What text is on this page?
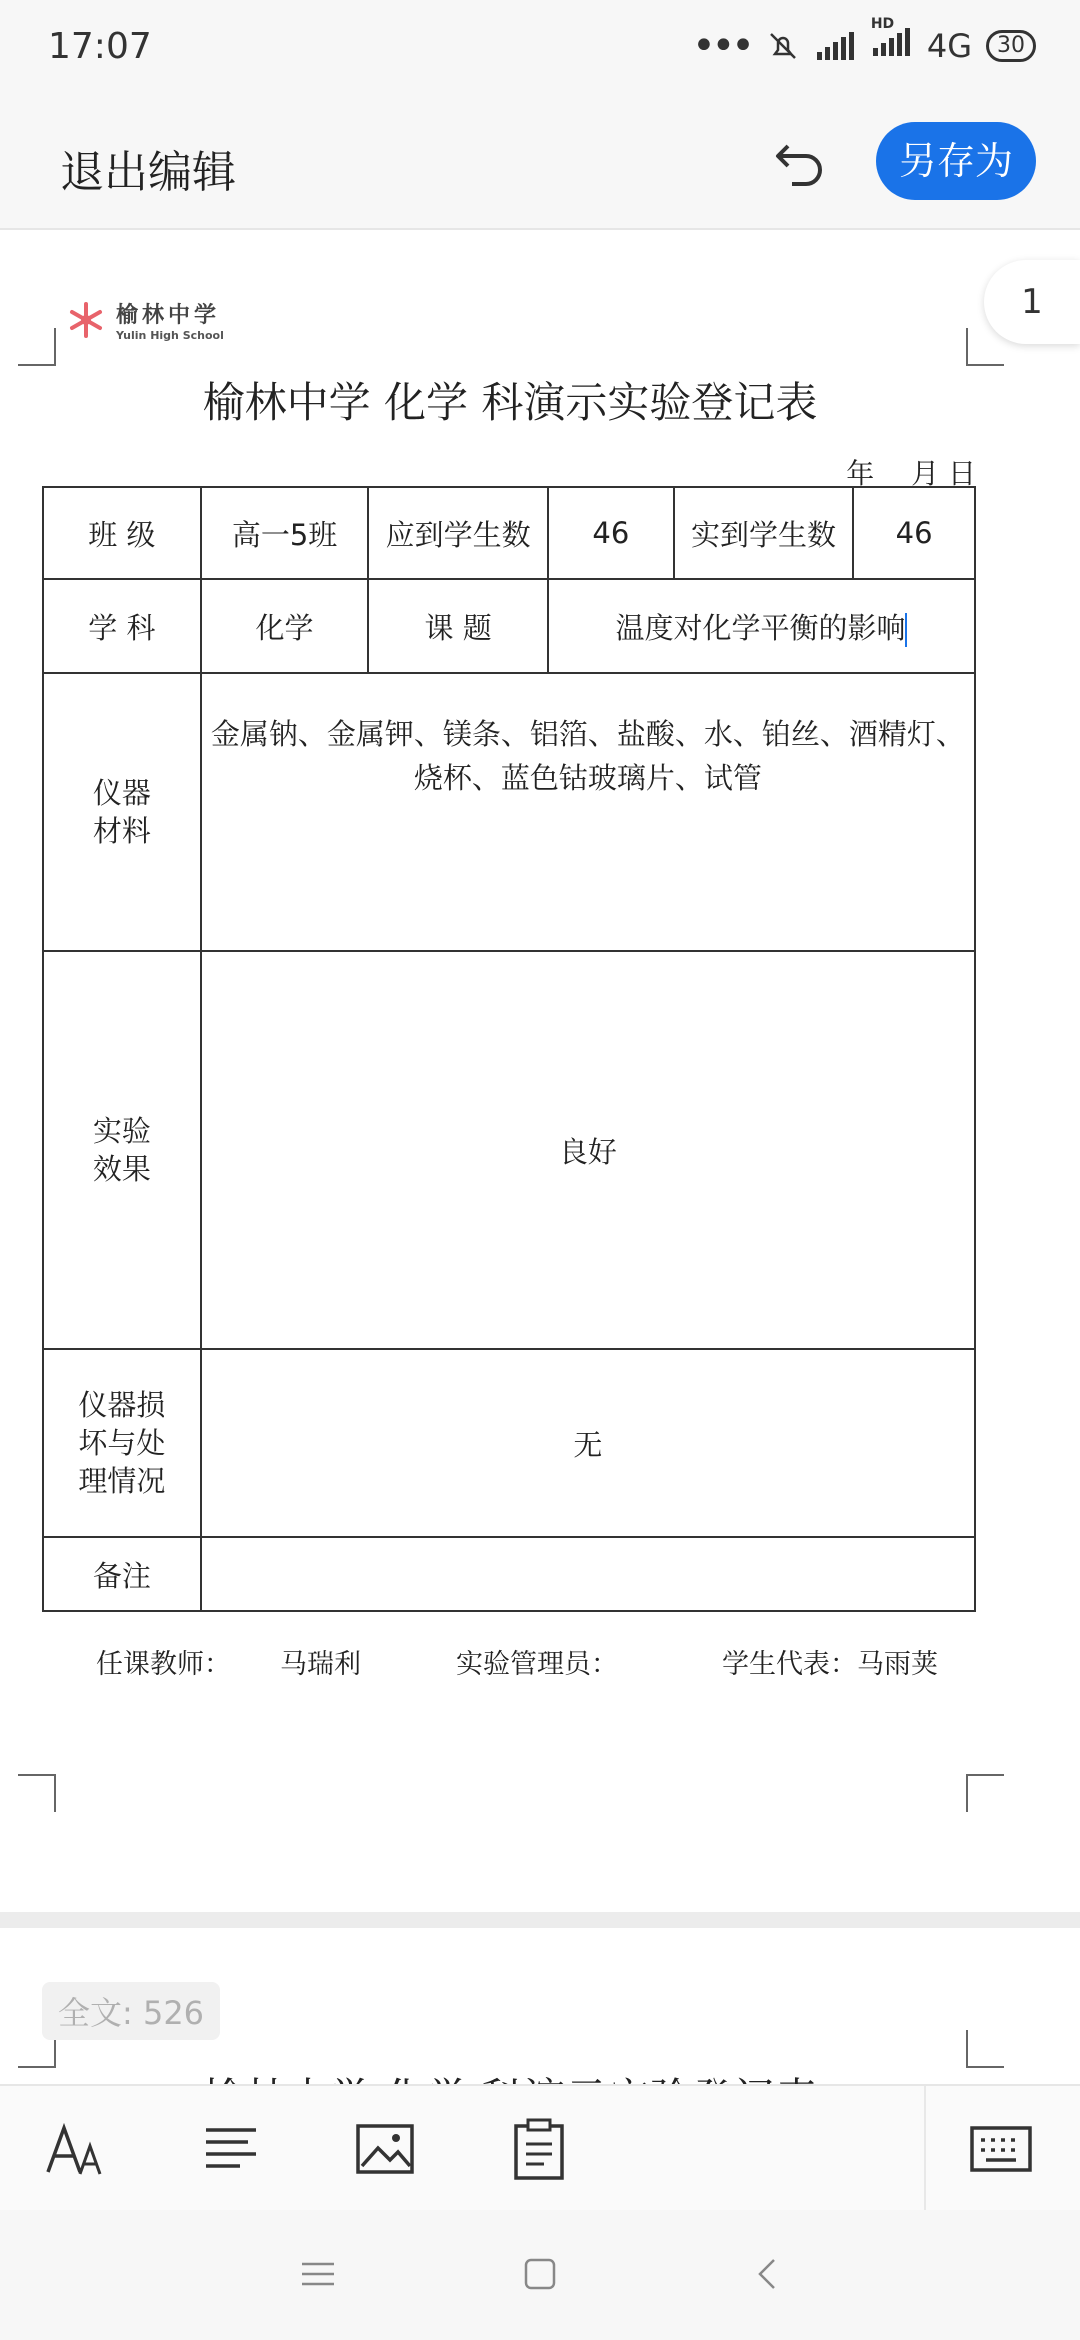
17:07	•••	HD
4G	30
退出编辑	另存为
榆林中学
Yulin High School
1
榆林中学 化学 科演示实验登记表
年　 月 日
班 级	高一5班	应到学生数	46	实到学生数	46
学 科	化学	课 题	温度对化学平衡的影响		
仪器
材料	金属钠、金属钾、镁条、铝箔、盐酸、水、铂丝、酒精灯、烧杯、蓝色钴玻璃片、试管				
实验
效果	良好				
仪器损
坏与处
理情况	无				
备注					
任课教师： 马瑞利	实验管理员：	学生代表：马雨荚
全文: 526
